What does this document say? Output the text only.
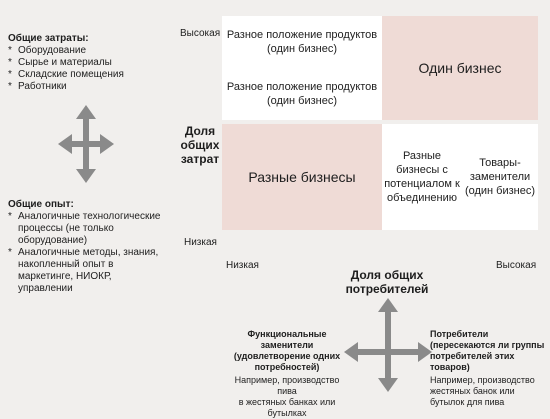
Общие затраты:
* Оборудование
* Сырье и материалы
* Складские помещения
* Работники
Общие опыт:
* Аналогичные технологические процессы (не только оборудование)
* Аналогичные методы, знания, накопленный опыт в маркетинге, НИОКР, управлении
Высокая
Доля
общих
затрат
Низкая
Разное положение продуктов
(один бизнес)
Разное положение продуктов
(один бизнес)
Один бизнес
Разные бизнесы
Разные
бизнесы с
потенциалом к
объединению
Товары-
заменители
(один бизнес)
Низкая	Высокая
Доля общих
потребителей
Функциональные заменители
(удовлетворение одних
потребностей)
Например, производство пива
в жестяных банках или
бутылках
Потребители
(пересекаются ли группы
потребителей этих товаров)
Например, производство
жестяных банок или
бутылок для пива
